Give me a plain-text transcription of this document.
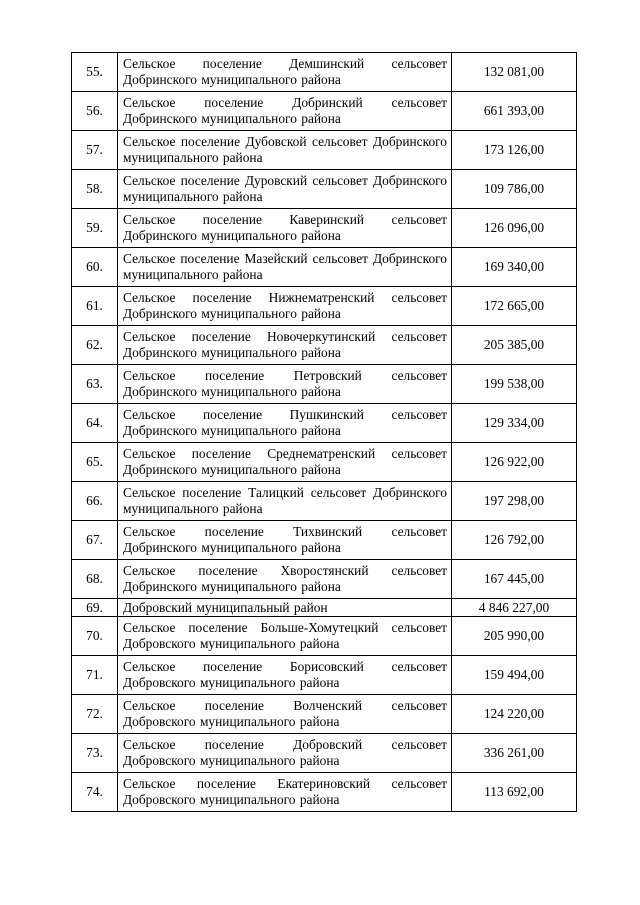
55.	Сельское поселение Демшинский сельсовет Добринского муниципального района	132 081,00
56.	Сельское поселение Добринский сельсовет Добринского муниципального района	661 393,00
57.	Сельское поселение Дубовской сельсовет Добринского муниципального района	173 126,00
58.	Сельское поселение Дуровский сельсовет Добринского муниципального района	109 786,00
59.	Сельское поселение Каверинский сельсовет Добринского муниципального района	126 096,00
60.	Сельское поселение Мазейский сельсовет Добринского муниципального района	169 340,00
61.	Сельское поселение Нижнематренский сельсовет Добринского муниципального района	172 665,00
62.	Сельское поселение Новочеркутинский сельсовет Добринского муниципального района	205 385,00
63.	Сельское поселение Петровский сельсовет Добринского муниципального района	199 538,00
64.	Сельское поселение Пушкинский сельсовет Добринского муниципального района	129 334,00
65.	Сельское поселение Среднематренский сельсовет Добринского муниципального района	126 922,00
66.	Сельское поселение Талицкий сельсовет Добринского муниципального района	197 298,00
67.	Сельское поселение Тихвинский сельсовет Добринского муниципального района	126 792,00
68.	Сельское поселение Хворостянский сельсовет Добринского муниципального района	167 445,00
69.	Добровский муниципальный район	4 846 227,00
70.	Сельское поселение Больше-Хомутецкий сельсовет Добровского муниципального района	205 990,00
71.	Сельское поселение Борисовский сельсовет Добровского муниципального района	159 494,00
72.	Сельское поселение Волченский сельсовет Добровского муниципального района	124 220,00
73.	Сельское поселение Добровский сельсовет Добровского муниципального района	336 261,00
74.	Сельское поселение Екатериновский сельсовет Добровского муниципального района	113 692,00
